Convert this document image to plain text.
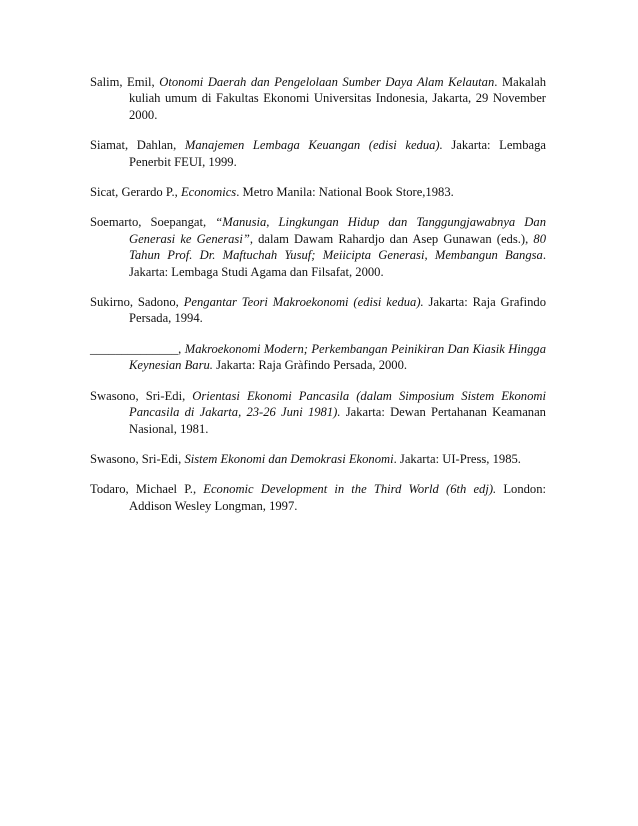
Salim, Emil, Otonomi Daerah dan Pengelolaan Sumber Daya Alam Kelautan. Makalah kuliah umum di Fakultas Ekonomi Universitas Indonesia, Jakarta, 29 November 2000.

Siamat, Dahlan, Manajemen Lembaga Keuangan (edisi kedua). Jakarta: Lembaga Penerbit FEUI, 1999.

Sicat, Gerardo P., Economics. Metro Manila: National Book Store,1983.

Soemarto, Soepangat, “Manusia, Lingkungan Hidup dan Tanggungjawabnya Dan Generasi ke Generasi”, dalam Dawam Rahardjo dan Asep Gunawan (eds.), 80 Tahun Prof. Dr. Maftuchah Yusuf; Meiicipta Generasi, Membangun Bangsa. Jakarta: Lembaga Studi Agama dan Filsafat, 2000.

Sukirno, Sadono, Pengantar Teori Makroekonomi (edisi kedua). Jakarta: Raja Grafindo Persada, 1994.

______________, Makroekonomi Modern; Perkembangan Peinikiran Dan Kiasik Hingga Keynesian Baru. Jakarta: Raja Gràfindo Persada, 2000.

Swasono, Sri-Edi, Orientasi Ekonomi Pancasila (dalam Simposium Sistem Ekonomi Pancasila di Jakarta, 23-26 Juni 1981). Jakarta: Dewan Pertahanan Keamanan Nasional, 1981.

Swasono, Sri-Edi, Sistem Ekonomi dan Demokrasi Ekonomi. Jakarta: UI-Press, 1985.

Todaro, Michael P., Economic Development in the Third World (6th edj). London: Addison Wesley Longman, 1997.
